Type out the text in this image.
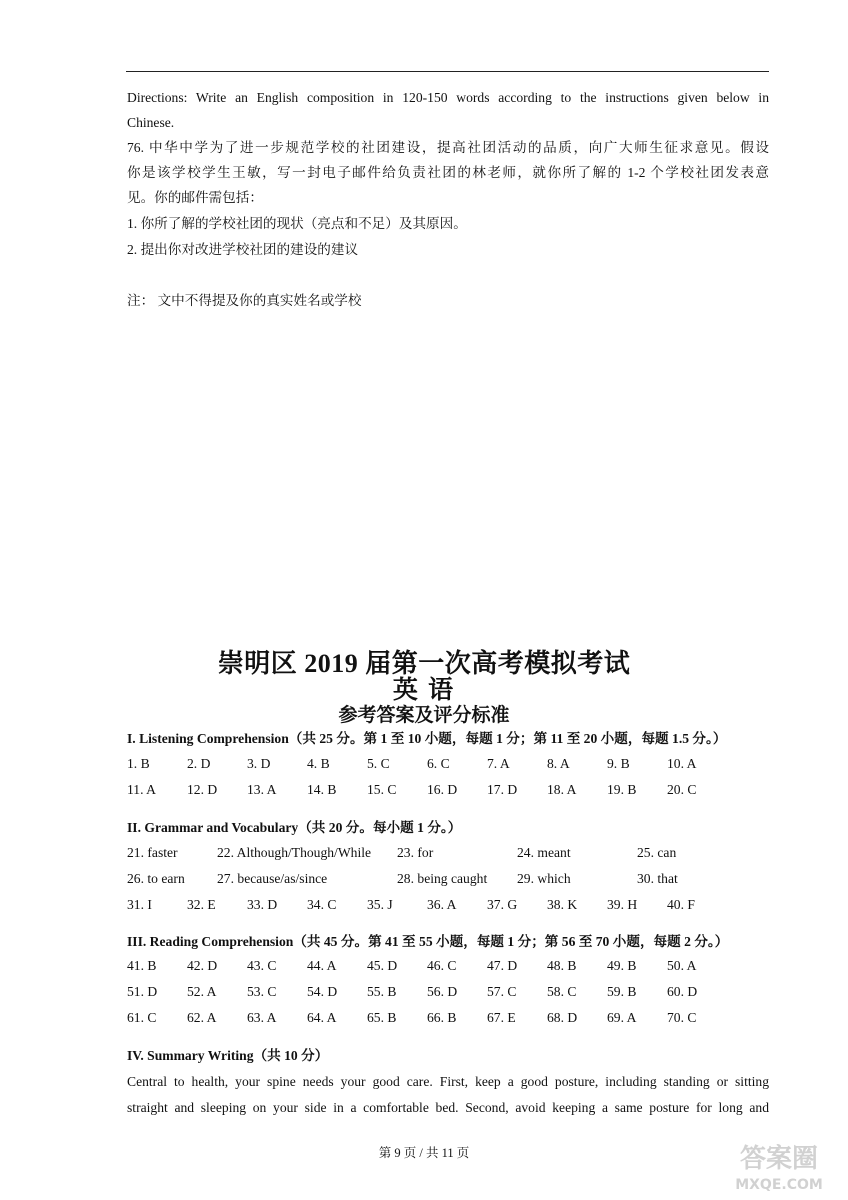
Directions: Write an English composition in 120-150 words according to the instructions given below in
Chinese.
76. 中华中学为了进一步规范学校的社团建设，提高社团活动的品质，向广大师生征求意见。假设
你是该学校学生王敏，写一封电子邮件给负责社团的林老师，就你所了解的 1-2 个学校社团发表意
见。你的邮件需包括：
1. 你所了解的学校社团的现状（亮点和不足）及其原因。
2. 提出你对改进学校社团的建设的建议
注： 文中不得提及你的真实姓名或学校
崇明区 2019 届第一次高考模拟考试
英 语
参考答案及评分标准
I. Listening Comprehension（共 25 分。第 1 至 10 小题，每题 1 分；第 11 至 20 小题，每题 1.5 分。）
1. B	2. D	3. D	4. B	5. C	6. C	7. A	8. A	9. B	10. A
11. A 12. D 13. A 14. B 15. C 16. D 17. D 18. A 19. B 20. C
II. Grammar and Vocabulary（共 20 分。每小题 1 分。）
21. faster	22. Although/Though/While 23. for	24. meant	25. can
26. to earn 27. because/as/since	28. being caught 29. which	30. that
31. I	32. E 33. D 34. C 35. J	36. A 37. G 38. K 39. H 40. F
III. Reading Comprehension（共 45 分。第 41 至 55 小题，每题 1 分；第 56 至 70 小题，每题 2 分。）
41. B 42. D 43. C 44. A 45. D 46. C 47. D 48. B 49. B 50. A
51. D 52. A 53. C 54. D 55. B 56. D 57. C 58. C 59. B 60. D
61. C 62. A 63. A 64. A 65. B 66. B 67. E 68. D 69. A 70. C
IV. Summary Writing（共 10 分）
Central to health, your spine needs your good care. First, keep a good posture, including standing or sitting
straight and sleeping on your side in a comfortable bed. Second, avoid keeping a same posture for long and
第 9 页 / 共 11 页	答案圈
MXQE.COM
